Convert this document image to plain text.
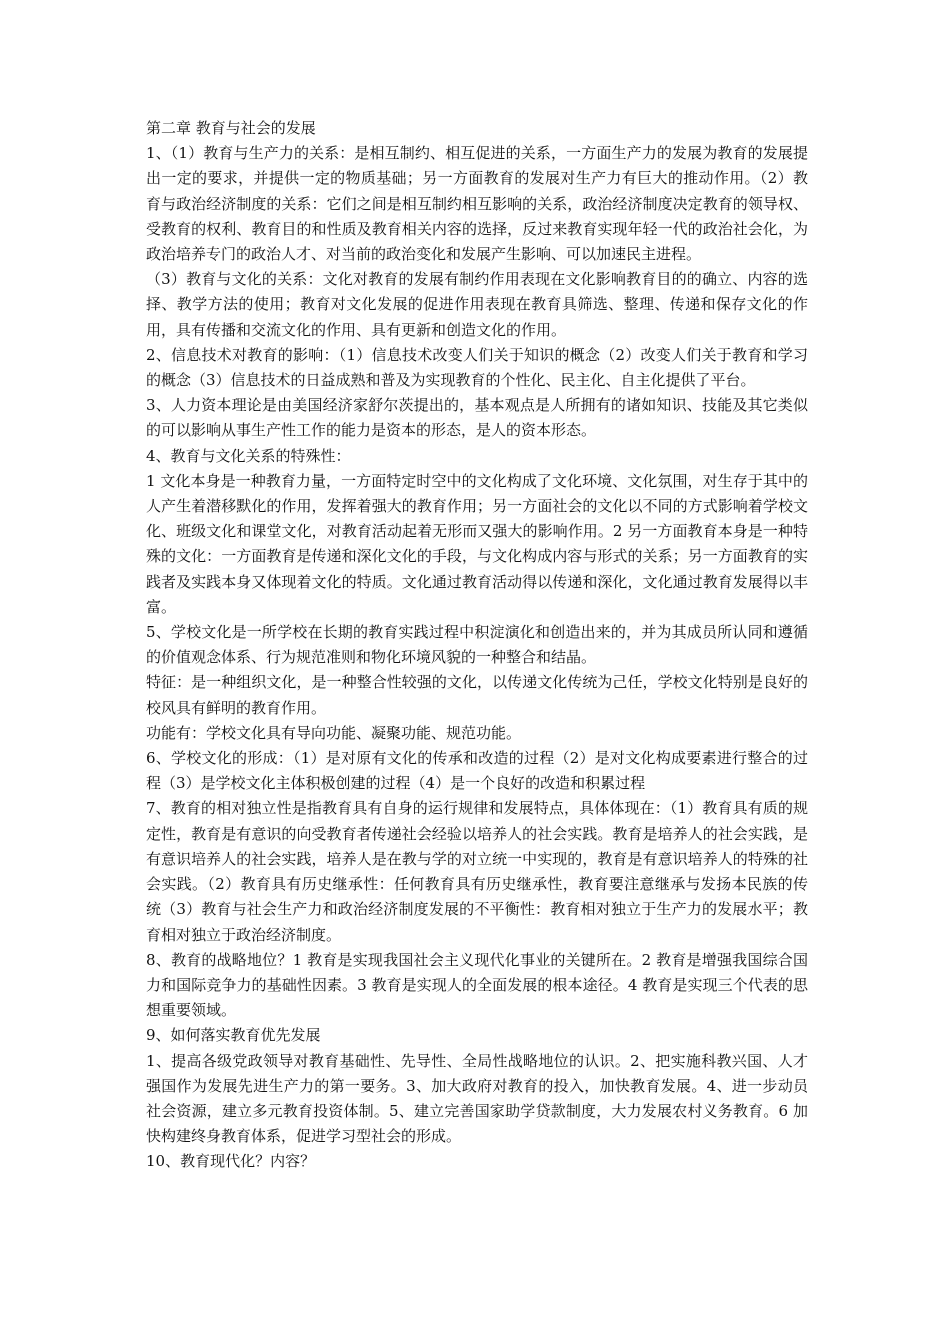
第二章 教育与社会的发展

1、（1）教育与生产力的关系：是相互制约、相互促进的关系，一方面生产力的发展为教育的发展提出一定的要求，并提供一定的物质基础；另一方面教育的发展对生产力有巨大的推动作用。（2）教育与政治经济制度的关系：它们之间是相互制约相互影响的关系，政治经济制度决定教育的领导权、受教育的权利、教育目的和性质及教育相关内容的选择，反过来教育实现年轻一代的政治社会化，为政治培养专门的政治人才、对当前的政治变化和发展产生影响、可以加速民主进程。

（3）教育与文化的关系：文化对教育的发展有制约作用表现在文化影响教育目的的确立、内容的选择、教学方法的使用；教育对文化发展的促进作用表现在教育具筛选、整理、传递和保存文化的作用，具有传播和交流文化的作用、具有更新和创造文化的作用。

2、信息技术对教育的影响：（1）信息技术改变人们关于知识的概念（2）改变人们关于教育和学习的概念（3）信息技术的日益成熟和普及为实现教育的个性化、民主化、自主化提供了平台。

3、人力资本理论是由美国经济家舒尔茨提出的，基本观点是人所拥有的诸如知识、技能及其它类似的可以影响从事生产性工作的能力是资本的形态，是人的资本形态。

4、教育与文化关系的特殊性：

1 文化本身是一种教育力量，一方面特定时空中的文化构成了文化环境、文化氛围，对生存于其中的人产生着潜移默化的作用，发挥着强大的教育作用；另一方面社会的文化以不同的方式影响着学校文化、班级文化和课堂文化，对教育活动起着无形而又强大的影响作用。2 另一方面教育本身是一种特殊的文化：一方面教育是传递和深化文化的手段，与文化构成内容与形式的关系；另一方面教育的实践者及实践本身又体现着文化的特质。文化通过教育活动得以传递和深化，文化通过教育发展得以丰富。

5、学校文化是一所学校在长期的教育实践过程中积淀演化和创造出来的，并为其成员所认同和遵循的价值观念体系、行为规范准则和物化环境风貌的一种整合和结晶。

特征：是一种组织文化，是一种整合性较强的文化，以传递文化传统为己任，学校文化特别是良好的校风具有鲜明的教育作用。

功能有：学校文化具有导向功能、凝聚功能、规范功能。

6、学校文化的形成：（1）是对原有文化的传承和改造的过程（2）是对文化构成要素进行整合的过程（3）是学校文化主体积极创建的过程（4）是一个良好的改造和积累过程

7、教育的相对独立性是指教育具有自身的运行规律和发展特点，具体体现在：（1）教育具有质的规定性，教育是有意识的向受教育者传递社会经验以培养人的社会实践。教育是培养人的社会实践，是有意识培养人的社会实践，培养人是在教与学的对立统一中实现的，教育是有意识培养人的特殊的社会实践。（2）教育具有历史继承性：任何教育具有历史继承性，教育要注意继承与发扬本民族的传统（3）教育与社会生产力和政治经济制度发展的不平衡性：教育相对独立于生产力的发展水平；教育相对独立于政治经济制度。

8、教育的战略地位？1 教育是实现我国社会主义现代化事业的关键所在。2 教育是增强我国综合国力和国际竞争力的基础性因素。3 教育是实现人的全面发展的根本途径。4 教育是实现三个代表的思想重要领域。

9、如何落实教育优先发展

1、提高各级党政领导对教育基础性、先导性、全局性战略地位的认识。2、把实施科教兴国、人才强国作为发展先进生产力的第一要务。3、加大政府对教育的投入，加快教育发展。4、进一步动员社会资源，建立多元教育投资体制。5、建立完善国家助学贷款制度，大力发展农村义务教育。6 加快构建终身教育体系，促进学习型社会的形成。

10、教育现代化？内容？
